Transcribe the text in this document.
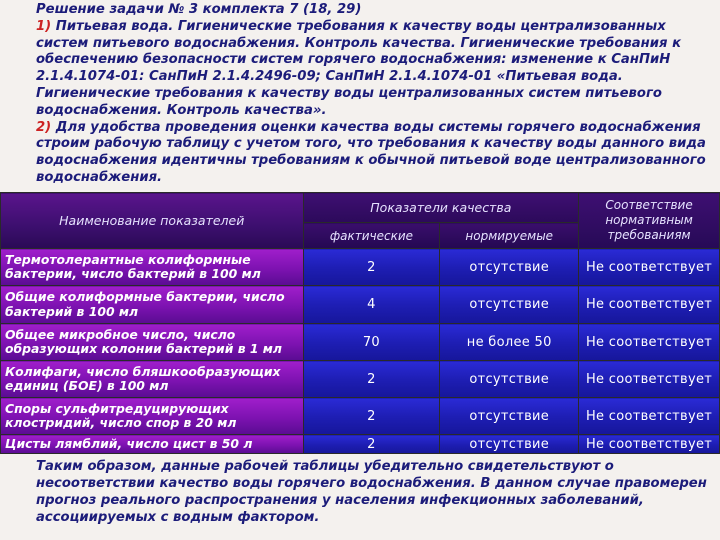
Решение задачи № 3 комплекта 7 (18, 29)

1) Питьевая вода. Гигиенические требования к качеству воды централизованных систем питьевого водоснабжения. Контроль качества. Гигиенические требования к обеспечению безопасности систем горячего водоснабжения: изменение к СанПиН 2.1.4.1074-01: СанПиН 2.1.4.2496-09; СанПиН 2.1.4.1074-01 «Питьевая вода. Гигиенические требования к качеству воды централизованных систем питьевого водоснабжения. Контроль качества».

2) Для удобства проведения оценки качества воды системы горячего водоснабжения строим рабочую таблицу с учетом того, что требования к качеству воды данного вида водоснабжения идентичны требованиям к обычной питьевой воде централизованного водоснабжения.

Наименование показателей	Показатели качества		Соответствие нормативным требованиям
	фактические	нормируемые	
Термотолерантные колиформные бактерии, число бактерий в 100 мл	2	отсутствие	Не соответствует
Общие колиформные бактерии, число бактерий в 100 мл	4	отсутствие	Не соответствует
Общее микробное число, число образующих колонии бактерий в 1 мл	70	не более 50	Не соответствует
Колифаги, число бляшкообразующих единиц (БОЕ) в 100 мл	2	отсутствие	Не соответствует
Споры сульфитредуцирующих клостридий, число спор в 20 мл	2	отсутствие	Не соответствует
Цисты лямблий, число цист в 50 л	2	отсутствие	Не соответствует

Таким образом, данные рабочей таблицы убедительно свидетельствуют о несоответствии качество воды горячего водоснабжения. В данном случае правомерен прогноз реального распространения у населения инфекционных заболеваний, ассоциируемых с водным фактором.
